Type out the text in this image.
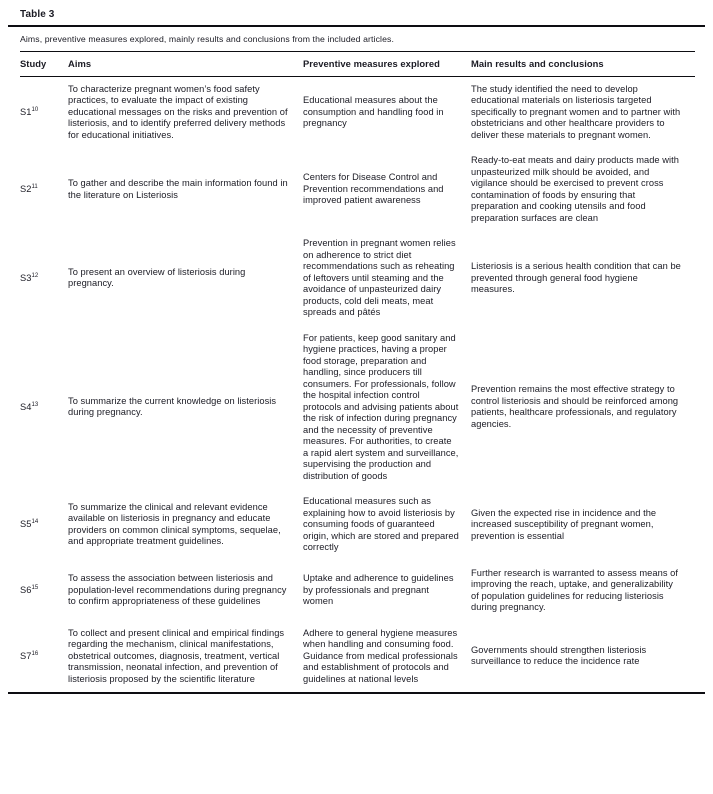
Table 3
Aims, preventive measures explored, mainly results and conclusions from the included articles.
Study	Aims	Preventive measures explored	Main results and conclusions
S1$^{10}$	To characterize pregnant women’s food safety practices, to evaluate the impact of existing educational messages on the risks and prevention of listeriosis, and to identify preferred delivery methods for educational initiatives.	Educational measures about the consumption and handling food in pregnancy	The study identified the need to develop educational materials on listeriosis targeted specifically to pregnant women and to partner with obstetricians and other healthcare providers to deliver these materials to pregnant women.
S2$^{11}$	To gather and describe the main information found in the literature on Listeriosis	Centers for Disease Control and Prevention recommendations and improved patient awareness	Ready-to-eat meats and dairy products made with unpasteurized milk should be avoided, and vigilance should be exercised to prevent cross contamination of foods by ensuring that preparation and cooking utensils and food preparation surfaces are clean
S3$^{12}$	To present an overview of listeriosis during pregnancy.	Prevention in pregnant women relies on adherence to strict diet recommendations such as reheating of leftovers until steaming and the avoidance of unpasteurized dairy products, cold deli meats, meat spreads and pâtés	Listeriosis is a serious health condition that can be prevented through general food hygiene measures.
S4$^{13}$	To summarize the current knowledge on listeriosis during pregnancy.	For patients, keep good sanitary and hygiene practices, having a proper food storage, preparation and handling, since producers till consumers. For professionals, follow the hospital infection control protocols and advising patients about the risk of infection during pregnancy and the necessity of preventive measures. For authorities, to create a rapid alert system and surveillance, supervising the production and distribution of goods	Prevention remains the most effective strategy to control listeriosis and should be reinforced among patients, healthcare professionals, and regulatory agencies.
S5$^{14}$	To summarize the clinical and relevant evidence available on listeriosis in pregnancy and educate providers on common clinical symptoms, sequelae, and appropriate treatment guidelines.	Educational measures such as explaining how to avoid listeriosis by consuming foods of guaranteed origin, which are stored and prepared correctly	Given the expected rise in incidence and the increased susceptibility of pregnant women, prevention is essential
S6$^{15}$	To assess the association between listeriosis and population-level recommendations during pregnancy to confirm appropriateness of these guidelines	Uptake and adherence to guidelines by professionals and pregnant women	Further research is warranted to assess means of improving the reach, uptake, and generalizability of population guidelines for reducing listeriosis during pregnancy.
S7$^{16}$	To collect and present clinical and empirical findings regarding the mechanism, clinical manifestations, obstetrical outcomes, diagnosis, treatment, vertical transmission, neonatal infection, and prevention of listeriosis proposed by the scientific literature	Adhere to general hygiene measures when handling and consuming food. Guidance from medical professionals and establishment of protocols and guidelines at national levels	Governments should strengthen listeriosis surveillance to reduce the incidence rate
